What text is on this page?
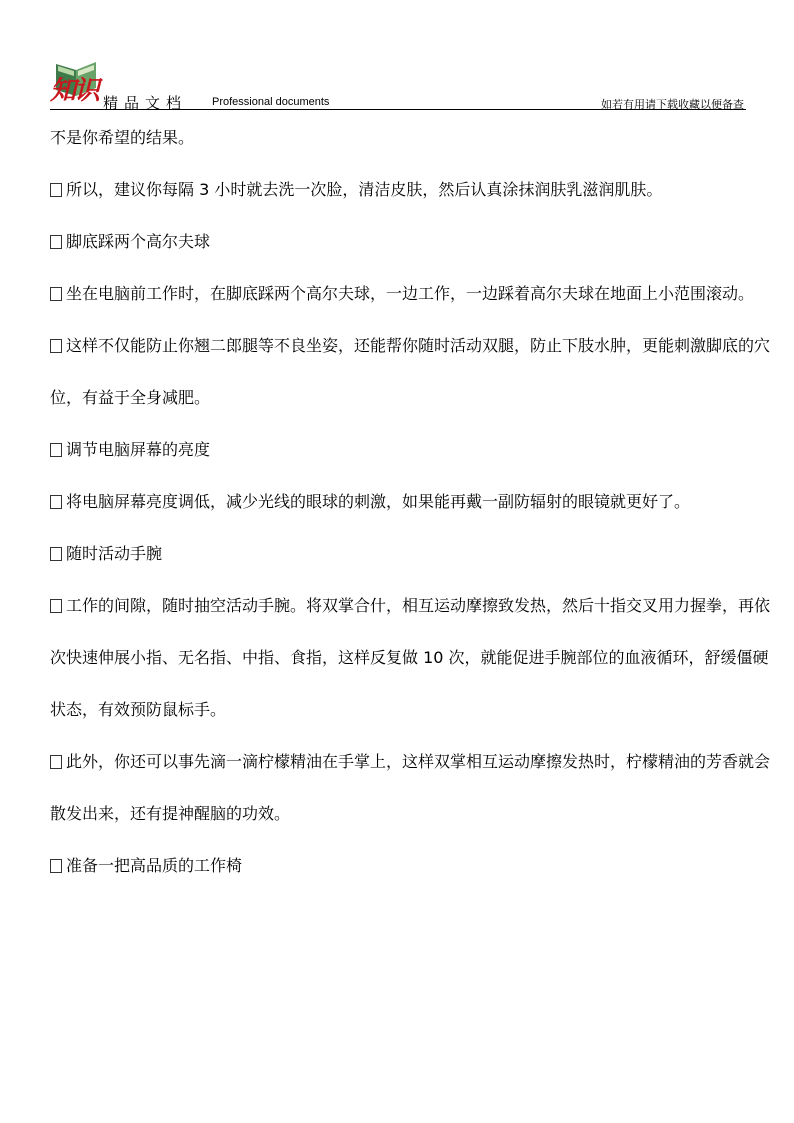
知识 精品文档 Professional documents	如若有用请下载收藏以便备查

不是你希望的结果。

所以，建议你每隔 3 小时就去洗一次脸，清洁皮肤，然后认真涂抹润肤乳滋润肌肤。

脚底踩两个高尔夫球

坐在电脑前工作时，在脚底踩两个高尔夫球，一边工作，一边踩着高尔夫球在地面上小范围滚动。

这样不仅能防止你翘二郎腿等不良坐姿，还能帮你随时活动双腿，防止下肢水肿，更能刺激脚底的穴位，有益于全身减肥。

调节电脑屏幕的亮度

将电脑屏幕亮度调低，减少光线的眼球的刺激，如果能再戴一副防辐射的眼镜就更好了。

随时活动手腕

工作的间隙，随时抽空活动手腕。将双掌合什，相互运动摩擦致发热，然后十指交叉用力握拳，再依次快速伸展小指、无名指、中指、食指，这样反复做 10 次，就能促进手腕部位的血液循环，舒缓僵硬状态，有效预防鼠标手。

此外，你还可以事先滴一滴柠檬精油在手掌上，这样双掌相互运动摩擦发热时，柠檬精油的芳香就会散发出来，还有提神醒脑的功效。

准备一把高品质的工作椅
